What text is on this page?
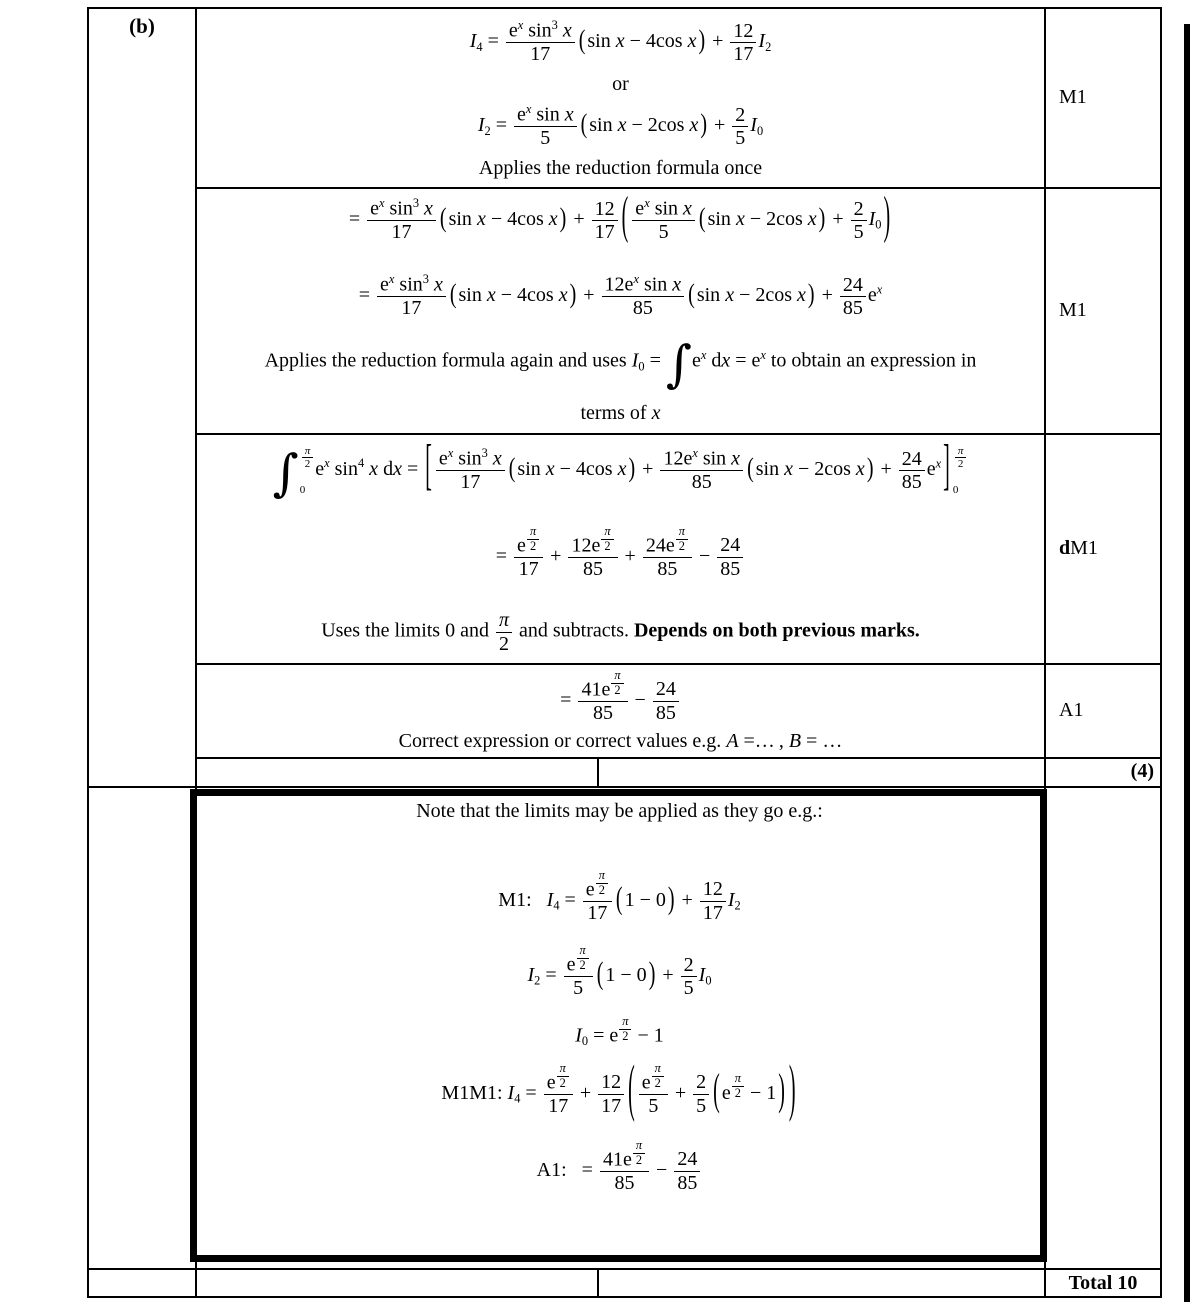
(b)
$I4 = \frac{e^x \sin^3 x}{17}$ ( sin x − 4cos x ) + $\frac{12}{17} I2$
or
$I2 = \frac{e^x \sin x}{5}$ ( sin x − 2cos x ) + $\frac{2}{5} I0$
Applies the reduction formula once
= $\frac{e^x \sin^3 x}{17}$ ( sin x − 4cos x ) + $\frac{12}{17}$ ( $\frac{e^x \sin x}{5}$ ( sin x − 2cos x ) + $\frac{2}{5} I0$ )
= $\frac{e^x \sin^3 x}{17}$ ( sin x − 4cos x ) + $\frac{12e^x \sin x}{85}$ ( sin x − 2cos x ) + $\frac{24}{85} e^x$
Applies the reduction formula again and uses $I0 = \int e^x$ dx = $e^x$ to obtain an expression in
terms of x
∫ $\frac{\pi}{2}$
0
$e^x$ $\sin^4 x$ dx = [ $\frac{e^x \sin^3 x}{17}$ ( sin x − 4cos x ) + $\frac{12e^x \sin x}{85}$ ( sin x − 2cos x ) + $\frac{24}{85} e^x$ ] $\frac{\pi}{2}$
0
= e $^{\frac{\pi}{2}}$
17 + 12e $^{\frac{\pi}{2}}$
85 + 24e $^{\frac{\pi}{2}}$
$85 - \frac{24}{85}$
Uses the limits 0 and $\frac{\pi}{2}$ and subtracts. Depends on both previous marks.
= 41e $^{\frac{\pi}{2}}$
$85 - \frac{24}{85}$
Correct expression or correct values e.g. A =… , B = …
M1
M1
dM1
A1
(4)
Note that the limits may be applied as they go e.g.:
M1:   I4 = e $^{\frac{\pi}{2}}$
17 ( 1 − 0 ) + $\frac{12}{17} I2$
I2 = e $^{\frac{\pi}{2}}$
5 ( 1 − 0 ) + $\frac{2}{5} I0$
I0 = e $^{\frac{\pi}{2}}$ − 1
M1M1: I4 = e $^{\frac{\pi}{2}}$
$17 + \frac{12}{17}$ ( e $^{\frac{\pi}{2}}$
$5 + \frac{2}{5}$ ( e $^{\frac{\pi}{2}}$ − 1 ) )
A1:   = 41e $^{\frac{\pi}{2}}$
$85 - \frac{24}{85}$
Total 10
